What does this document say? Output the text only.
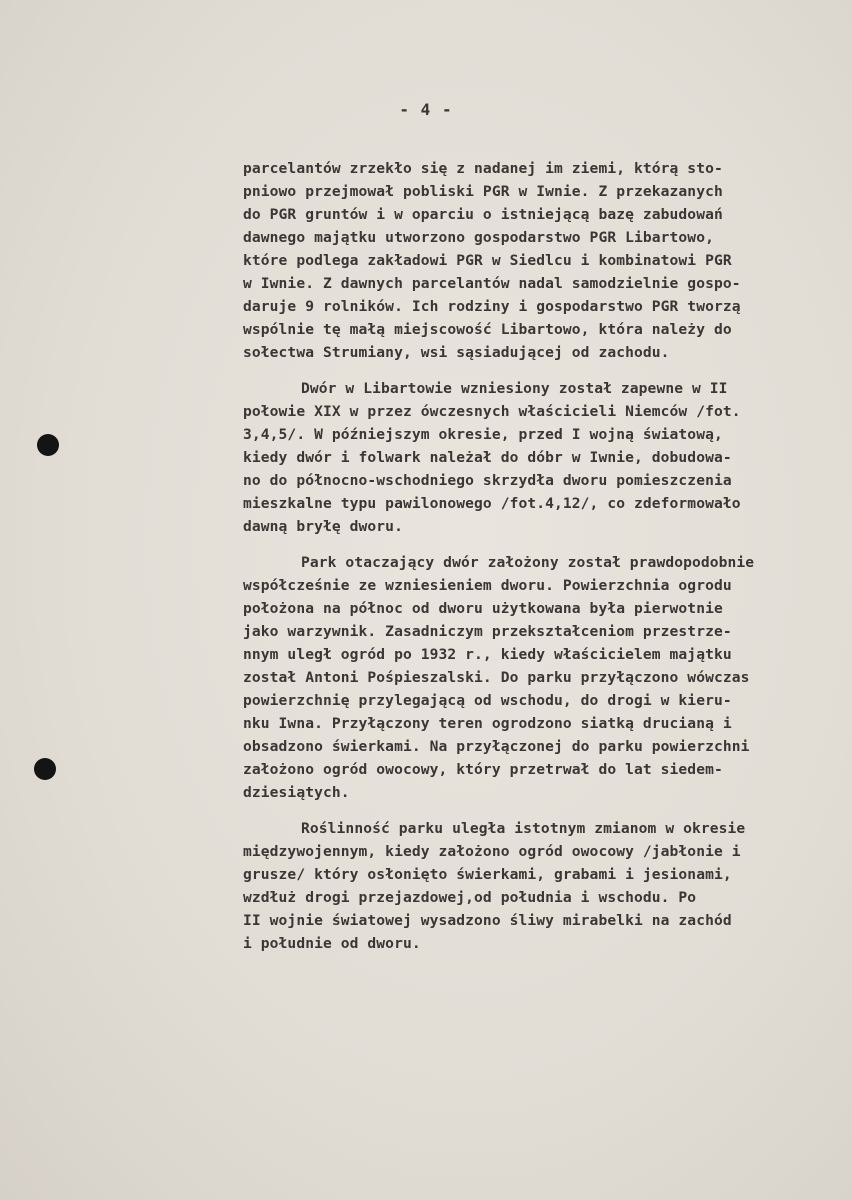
- 4 -
parcelantów zrzekło się z nadanej im ziemi, którą sto-
pniowo przejmował pobliski PGR w Iwnie. Z przekazanych
do PGR gruntów i w oparciu o istniejącą bazę zabudowań
dawnego majątku utworzono gospodarstwo PGR Libartowo,
które podlega zakładowi PGR w Siedlcu i kombinatowi PGR
w Iwnie. Z dawnych parcelantów nadal samodzielnie gospo-
daruje 9 rolników. Ich rodziny i gospodarstwo PGR tworzą
wspólnie tę małą miejscowość Libartowo, która należy do
sołectwa Strumiany, wsi sąsiadującej od zachodu.
Dwór w Libartowie wzniesiony został zapewne w II
połowie XIX w przez ówczesnych właścicieli Niemców /fot.
3,4,5/. W późniejszym okresie, przed I wojną światową,
kiedy dwór i folwark należał do dóbr w Iwnie, dobudowa-
no do północno-wschodniego skrzydła dworu pomieszczenia
mieszkalne typu pawilonowego /fot.4,12/, co zdeformowało
dawną bryłę dworu.
Park otaczający dwór założony został prawdopodobnie
współcześnie ze wzniesieniem dworu. Powierzchnia ogrodu
położona na północ od dworu użytkowana była pierwotnie
jako warzywnik. Zasadniczym przekształceniom przestrze-
nnym uległ ogród po 1932 r., kiedy właścicielem majątku
został Antoni Pośpieszalski. Do parku przyłączono wówczas
powierzchnię przylegającą od wschodu, do drogi w kieru-
nku Iwna. Przyłączony teren ogrodzono siatką drucianą i
obsadzono świerkami. Na przyłączonej do parku powierzchni
założono ogród owocowy, który przetrwał do lat siedem-
dziesiątych.
Roślinność parku uległa istotnym zmianom w okresie
międzywojennym, kiedy założono ogród owocowy /jabłonie i
grusze/ który osłonięto świerkami, grabami i jesionami,
wzdłuż drogi przejazdowej,od południa i wschodu. Po
II wojnie światowej wysadzono śliwy mirabelki na zachód
i południe od dworu.
